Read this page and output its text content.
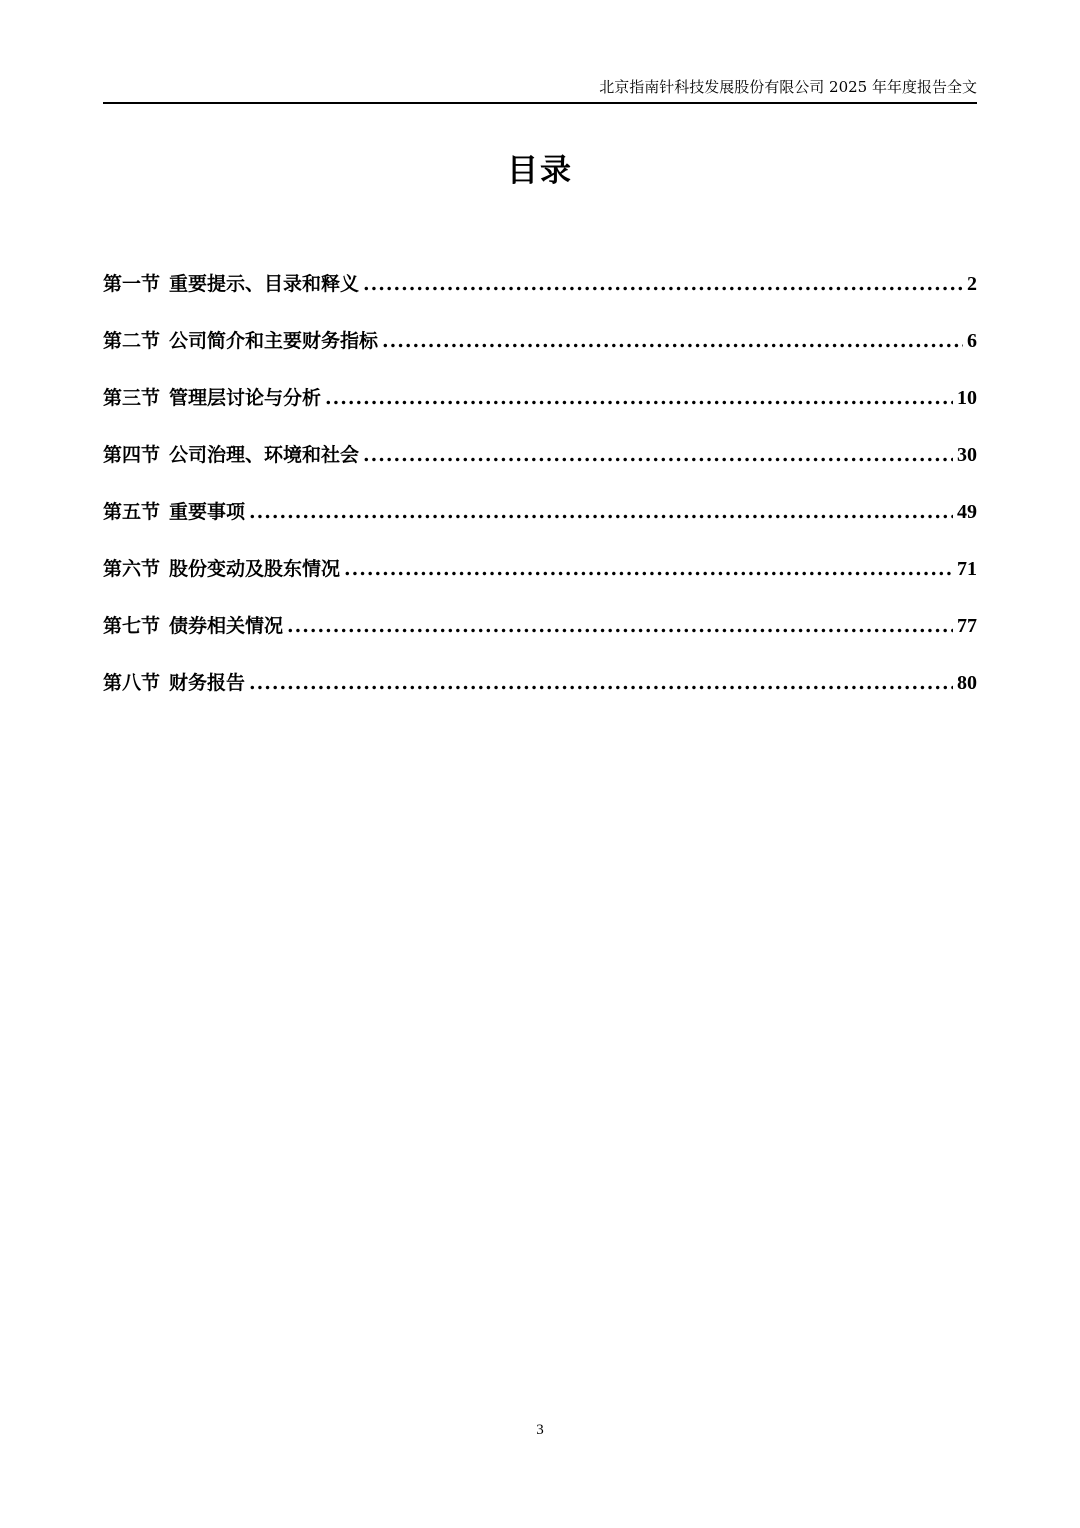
北京指南针科技发展股份有限公司 2025 年年度报告全文
目录
第一节 重要提示、目录和释义 .....	2
第二节 公司简介和主要财务指标 .....	6
第三节 管理层讨论与分析 .....	10
第四节 公司治理、环境和社会 .....	30
第五节 重要事项 .....	49
第六节 股份变动及股东情况 .....	71
第七节 债券相关情况 .....	77
第八节 财务报告 .....	80
3
